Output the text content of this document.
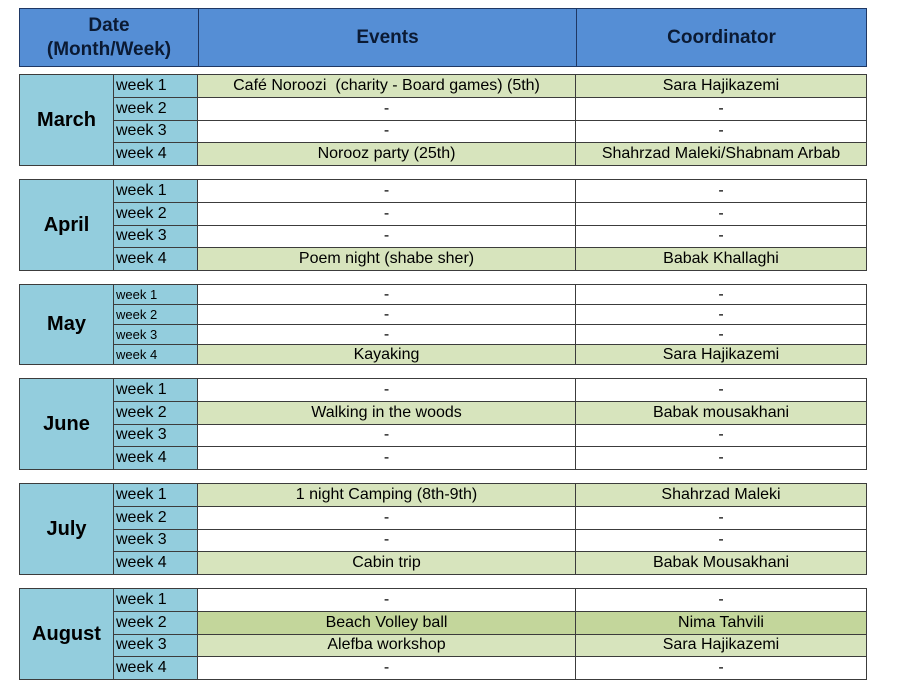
Date
(Month/Week)
Events	Coordinator
March
week 1	Café Noroozi  (charity - Board games) (5th)	Sara Hajikazemi
week 2	-	-
week 3	-	-
week 4	Norooz party (25th)	Shahrzad Maleki/Shabnam Arbab
April
week 1	-	-
week 2	-	-
week 3	-	-
week 4	Poem night (shabe sher)	Babak Khallaghi
May
week 1	-	-
week 2	-	-
week 3	-	-
week 4	Kayaking	Sara Hajikazemi
June
week 1	-	-
week 2	Walking in the woods	Babak mousakhani
week 3	-	-
week 4	-	-
July
week 1	1 night Camping (8th-9th)	Shahrzad Maleki
week 2	-	-
week 3	-	-
week 4	Cabin trip	Babak Mousakhani
August
week 1	-	-
week 2	Beach Volley ball	Nima Tahvili
week 3	Alefba workshop	Sara Hajikazemi
week 4	-	-
